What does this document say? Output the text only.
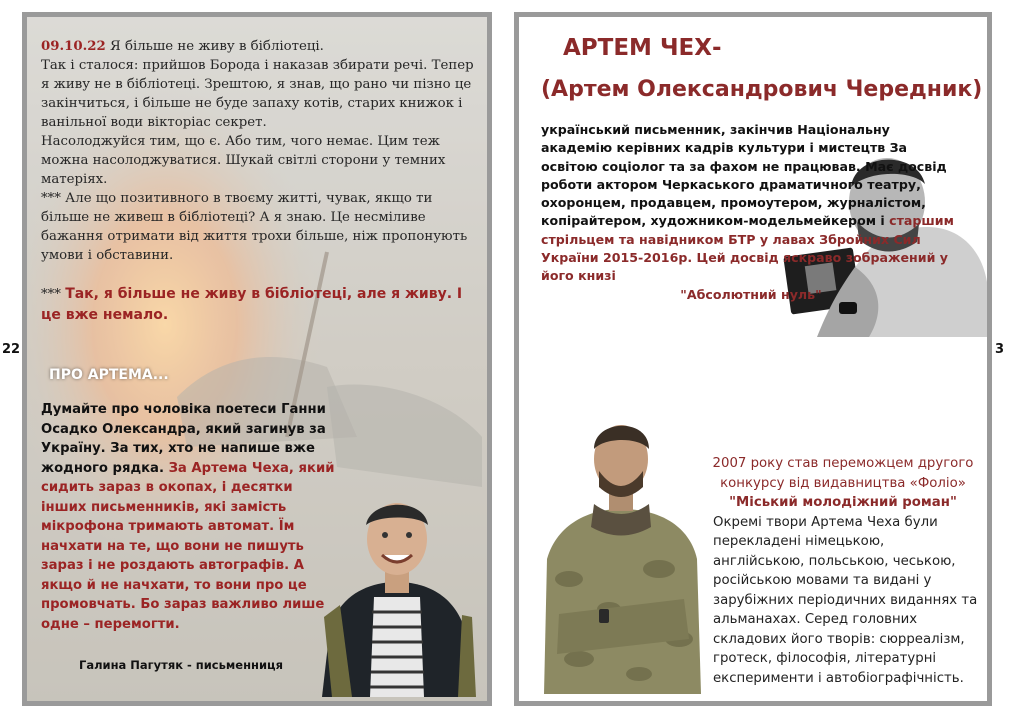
22	3

09.10.22 Я більше не живу в бібліотеці.

Так і сталося: прийшов Борода і наказав збирати речі. Тепер я живу не в бібліотеці. Зрештою, я знав, що рано чи пізно це закінчиться, і більше не буде запаху котів, старих книжок і ванільної води вікторіас секрет.

Насолоджуйся тим, що є. Або тим, чого немає. Цим теж можна насолоджуватися. Шукай світлі сторони у темних матеріях.

*** Але що позитивного в твоєму житті, чувак, якщо ти більше не живеш в бібліотеці? А я знаю. Це несміливе бажання отримати від життя трохи більше, ніж пропонують умови і обставини.

*** Так, я більше не живу в бібліотеці, але я живу. І це вже немало.

ПРО АРТЕМА...
Думайте про чоловіка поетеси Ганни Осадко Олександра, який загинув за Україну. За тих, хто не напише вже жодного рядка. За Артема Чеха, який сидить зараз в окопах, і десятки інших письменників, які замість мікрофона тримають автомат. Їм начхати на те, що вони не пишуть зараз і не роздають автографів. А якщо й не начхати, то вони про це промовчать. Бо зараз важливо лише одне – перемогти.
Галина Пагутяк - письменниця
АРТЕМ ЧЕХ-
(Артем Олександрович Чередник)
український письменник, закінчив Національну академію керівних кадрів культури і мистецтв За освітою соціолог та за фахом не працював. Має досвід роботи актором Черкаського драматичного театру, охоронцем, продавцем, промоутером, журналістом, копірайтером, художником-модельмейкером і старшим стрільцем та навідником БТР у лавах Збройних Сил України 2015-2016р. Цей досвід яскраво зображений у його книзі
"Абсолютний нуль"
2007 року став переможцем другого конкурсу від видавництва «Фоліо»
"Міський молодіжний роман"
Окремі твори Артема Чеха були перекладені німецькою, англійською, польською, чеською, російською мовами та видані у зарубіжних періодичних виданнях та альманахах. Серед головних складових його творів: сюрреалізм, гротеск, філософія, літературні експерименти і автобіографічність.
